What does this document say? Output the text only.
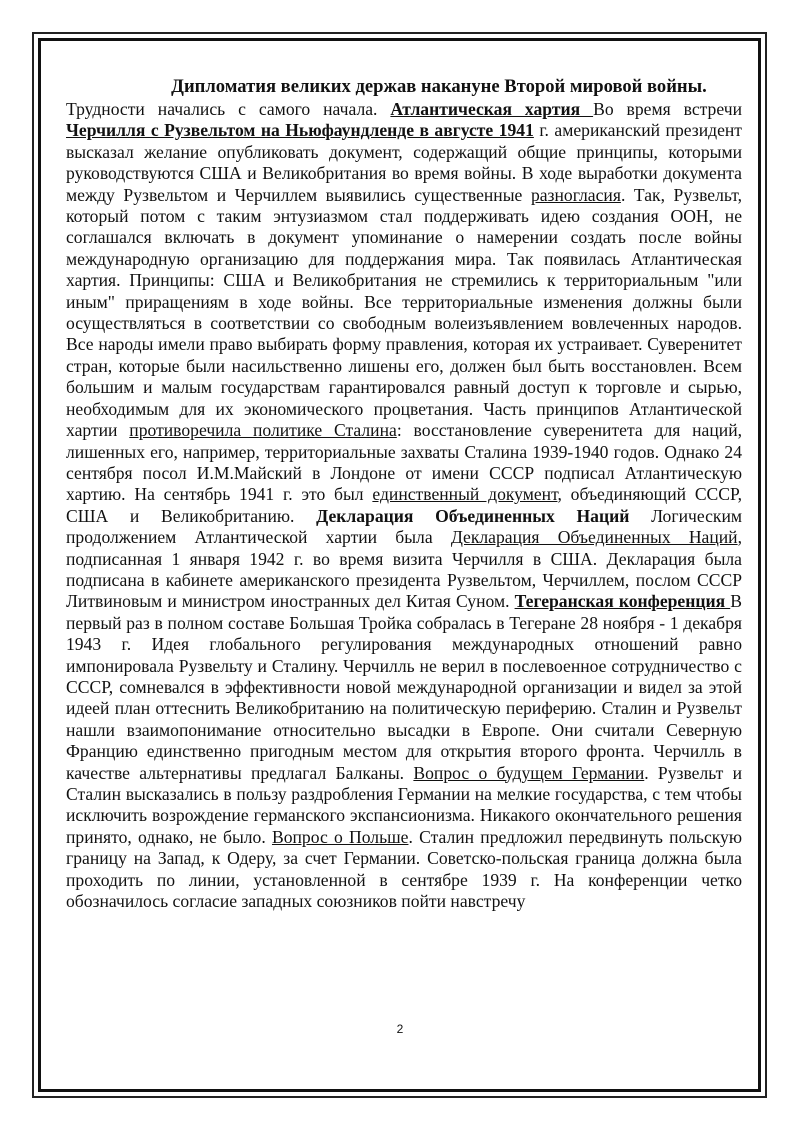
Дипломатия великих держав накануне Второй мировой войны.

Трудности начались с самого начала. Атлантическая хартия Во время встречи Черчилля с Рузвельтом на Ньюфаундленде в августе 1941 г. американский президент высказал желание опубликовать документ, содержащий общие принципы, которыми руководствуются США и Великобритания во время войны. В ходе выработки документа между Рузвельтом и Черчиллем выявились существенные разногласия. Так, Рузвельт, который потом с таким энтузиазмом стал поддерживать идею создания ООН, не соглашался включать в документ упоминание о намерении создать после войны международную организацию для поддержания мира. Так появилась Атлантическая хартия. Принципы: США и Великобритания не стремились к территориальным "или иным" приращениям в ходе войны. Все территориальные изменения должны были осуществляться в соответствии со свободным волеизъявлением вовлеченных народов. Все народы имели право выбирать форму правления, которая их устраивает. Суверенитет стран, которые были насильственно лишены его, должен был быть восстановлен. Всем большим и малым государствам гарантировался равный доступ к торговле и сырью, необходимым для их экономического процветания. Часть принципов Атлантической хартии противоречила политике Сталина: восстановление суверенитета для наций, лишенных его, например, территориальные захваты Сталина 1939-1940 годов. Однако 24 сентября посол И.М.Майский в Лондоне от имени СССР подписал Атлантическую хартию. На сентябрь 1941 г. это был единственный документ, объединяющий СССР, США и Великобританию. Декларация Объединенных Наций Логическим продолжением Атлантической хартии была Декларация Объединенных Наций, подписанная 1 января 1942 г. во время визита Черчилля в США. Декларация была подписана в кабинете американского президента Рузвельтом, Черчиллем, послом СССР Литвиновым и министром иностранных дел Китая Суном. Тегеранская конференция В первый раз в полном составе Большая Тройка собралась в Тегеране 28 ноября - 1 декабря 1943 г. Идея глобального регулирования международных отношений равно импонировала Рузвельту и Сталину. Черчилль не верил в послевоенное сотрудничество с СССР, сомневался в эффективности новой международной организации и видел за этой идеей план оттеснить Великобританию на политическую периферию. Сталин и Рузвельт нашли взаимопонимание относительно высадки в Европе. Они считали Северную Францию единственно пригодным местом для открытия второго фронта. Черчилль в качестве альтернативы предлагал Балканы. Вопрос о будущем Германии. Рузвельт и Сталин высказались в пользу раздробления Германии на мелкие государства, с тем чтобы исключить возрождение германского экспансионизма. Никакого окончательного решения принято, однако, не было. Вопрос о Польше. Сталин предложил передвинуть польскую границу на Запад, к Одеру, за счет Германии. Советско-польская граница должна была проходить по линии, установленной в сентябре 1939 г. На конференции четко обозначилось согласие западных союзников пойти навстречу

2
